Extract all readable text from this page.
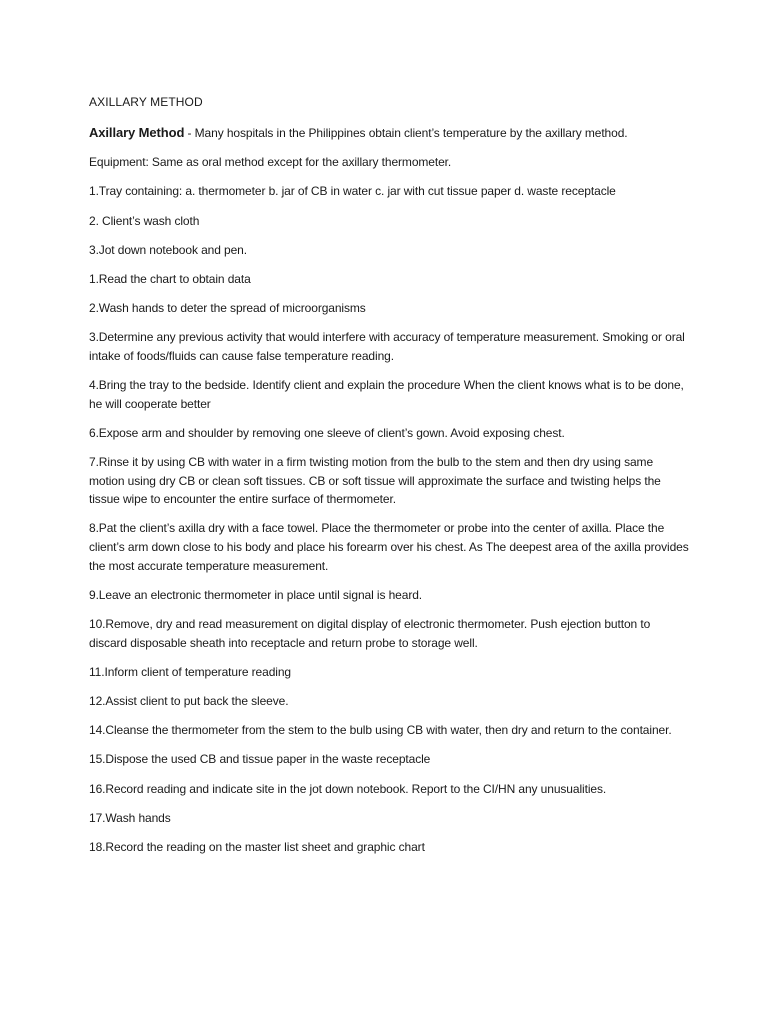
AXILLARY METHOD

Axillary Method - Many hospitals in the Philippines obtain client’s temperature by the axillary method.

Equipment: Same as oral method except for the axillary thermometer.

1.Tray containing: a. thermometer b. jar of CB in water c. jar with cut tissue paper d. waste receptacle

2. Client’s wash cloth

3.Jot down notebook and pen.

1.Read the chart to obtain data

2.Wash hands to deter the spread of microorganisms

3.Determine any previous activity that would interfere with accuracy of temperature measurement. Smoking or oral intake of foods/fluids can cause false temperature reading.

4.Bring the tray to the bedside. Identify client and explain the procedure When the client knows what is to be done, he will cooperate better

6.Expose arm and shoulder by removing one sleeve of client’s gown. Avoid exposing chest.

7.Rinse it by using CB with water in a firm twisting motion from the bulb to the stem and then dry using same motion using dry CB or clean soft tissues. CB or soft tissue will approximate the surface and twisting helps the tissue wipe to encounter the entire surface of thermometer.

8.Pat the client’s axilla dry with a face towel. Place the thermometer or probe into the center of axilla. Place the client’s arm down close to his body and place his forearm over his chest. As The deepest area of the axilla provides the most accurate temperature measurement.

9.Leave an electronic thermometer in place until signal is heard.

10.Remove, dry and read measurement on digital display of electronic thermometer. Push ejection button to discard disposable sheath into receptacle and return probe to storage well.

11.Inform client of temperature reading

12.Assist client to put back the sleeve.

14.Cleanse the thermometer from the stem to the bulb using CB with water, then dry and return to the container.

15.Dispose the used CB and tissue paper in the waste receptacle

16.Record reading and indicate site in the jot down notebook. Report to the CI/HN any unusualities.

17.Wash hands

18.Record the reading on the master list sheet and graphic chart
